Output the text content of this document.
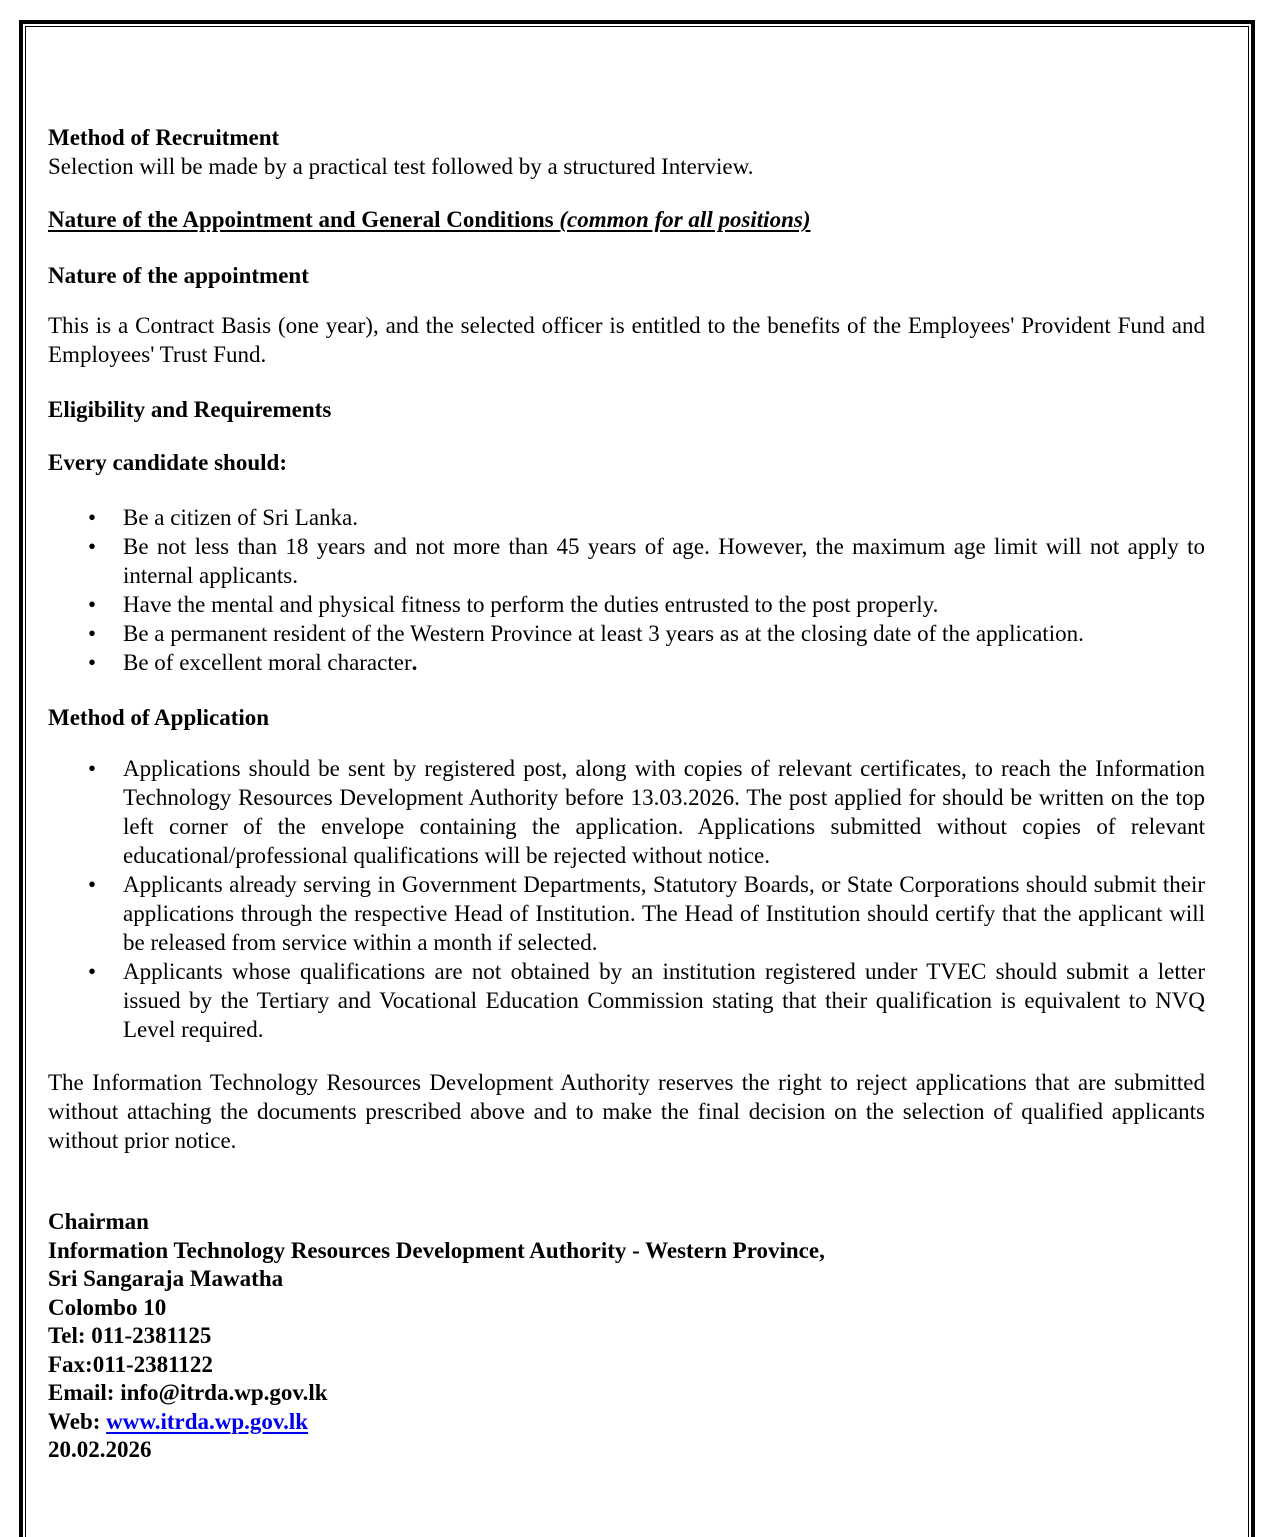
Method of Recruitment
Selection will be made by a practical test followed by a structured Interview.
Nature of the Appointment and General Conditions (common for all positions)
Nature of the appointment
This is a Contract Basis (one year), and the selected officer is entitled to the benefits of the Employees' Provident Fund and Employees' Trust Fund.
Eligibility and Requirements
Every candidate should:
• Be a citizen of Sri Lanka.
• Be not less than 18 years and not more than 45 years of age. However, the maximum age limit will not apply to internal applicants.
• Have the mental and physical fitness to perform the duties entrusted to the post properly.
• Be a permanent resident of the Western Province at least 3 years as at the closing date of the application.
• Be of excellent moral character.
Method of Application
• Applications should be sent by registered post, along with copies of relevant certificates, to reach the Information Technology Resources Development Authority before 13.03.2026. The post applied for should be written on the top left corner of the envelope containing the application. Applications submitted without copies of relevant educational/professional qualifications will be rejected without notice.
• Applicants already serving in Government Departments, Statutory Boards, or State Corporations should submit their applications through the respective Head of Institution. The Head of Institution should certify that the applicant will be released from service within a month if selected.
• Applicants whose qualifications are not obtained by an institution registered under TVEC should submit a letter issued by the Tertiary and Vocational Education Commission stating that their qualification is equivalent to NVQ Level required.
The Information Technology Resources Development Authority reserves the right to reject applications that are submitted without attaching the documents prescribed above and to make the final decision on the selection of qualified applicants without prior notice.
Chairman
Information Technology Resources Development Authority - Western Province,
Sri Sangaraja Mawatha
Colombo 10
Tel: 011-2381125
Fax:011-2381122
Email: info@itrda.wp.gov.lk
Web: www.itrda.wp.gov.lk
20.02.2026
